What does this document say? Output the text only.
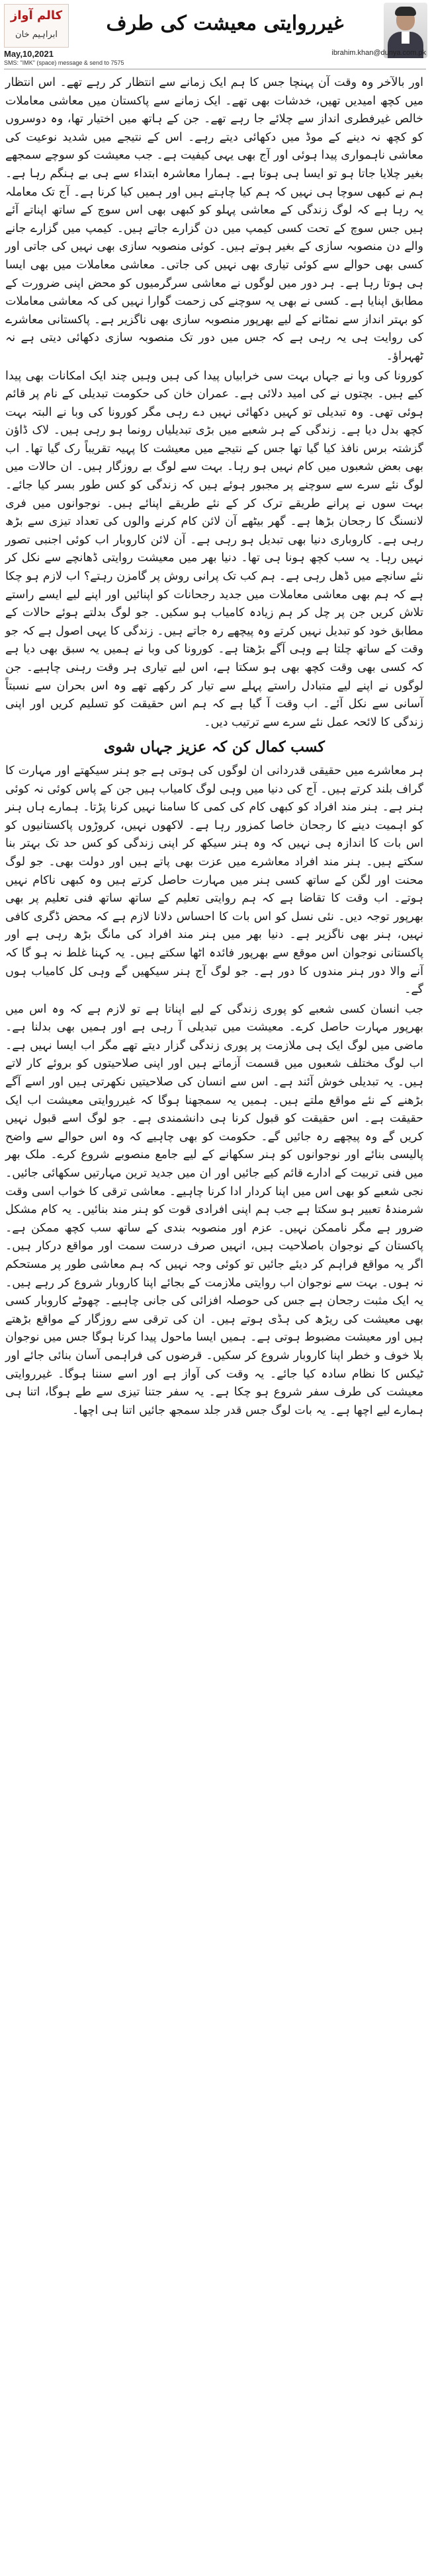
کالم آواز
ابراہیم خان	غیرروایتی معیشت کی طرف
May,10,2021	ibrahim.khan@dunya.com.pk
SMS: "IMK" (space) message & send to 7575

اور بالآخر وہ وقت آن پہنچا جس کا ہم ایک زمانے سے انتظار کر رہے تھے۔ اس انتظار میں کچھ امیدیں تھیں، خدشات بھی تھے۔ ایک زمانے سے پاکستان میں معاشی معاملات خالص غیرفطری انداز سے چلائے جا رہے تھے۔ جن کے ہاتھ میں اختیار تھا، وہ دوسروں کو کچھ نہ دینے کے موڈ میں دکھائی دیتے رہے۔ اس کے نتیجے میں شدید نوعیت کی معاشی ناہمواری پیدا ہوئی اور آج بھی یہی کیفیت ہے۔ جب معیشت کو سوچے سمجھے بغیر چلایا جاتا ہو تو ایسا ہی ہوتا ہے۔ ہمارا معاشرہ ابتداء سے ہی بے ہنگم رہا ہے۔ ہم نے کبھی سوچا ہی نہیں کہ ہم کیا چاہتے ہیں اور ہمیں کیا کرنا ہے۔ آج تک معاملہ یہ رہا ہے کہ لوگ زندگی کے معاشی پہلو کو کبھی بھی اس سوچ کے ساتھ اپناتے آئے ہیں جس سوچ کے تحت کسی کیمپ میں دن گزارے جاتے ہیں۔ کیمپ میں گزارے جانے والے دن منصوبہ سازی کے بغیر ہوتے ہیں۔ کوئی منصوبہ سازی بھی نہیں کی جاتی اور کسی بھی حوالے سے کوئی تیاری بھی نہیں کی جاتی۔ معاشی معاملات میں بھی ایسا ہی ہوتا رہا ہے۔ ہر دور میں لوگوں نے معاشی سرگرمیوں کو محض اپنی ضرورت کے مطابق اپنایا ہے۔ کسی نے بھی یہ سوچنے کی زحمت گوارا نہیں کی کہ معاشی معاملات کو بہتر انداز سے نمٹانے کے لیے بھرپور منصوبہ سازی بھی ناگزیر ہے۔ پاکستانی معاشرے کی روایت ہی یہ رہی ہے کہ جس میں دور تک منصوبہ سازی دکھائی دیتی ہے نہ ٹھہراؤ۔

کورونا کی وبا نے جہاں بہت سی خرابیاں پیدا کی ہیں وہیں چند ایک امکانات بھی پیدا کیے ہیں۔ بچتوں نے کی امید دلائی ہے۔ عمران خان کی حکومت تبدیلی کے نام پر قائم ہوئی تھی۔ وہ تبدیلی تو کہیں دکھائی نہیں دے رہی مگر کورونا کی وبا نے البتہ بہت کچھ بدل دیا ہے۔ زندگی کے ہر شعبے میں بڑی تبدیلیاں رونما ہو رہی ہیں۔ لاک ڈاؤن گزشتہ برس نافذ کیا گیا تھا جس کے نتیجے میں معیشت کا پہیہ تقریباً رک گیا تھا۔ اب بھی بعض شعبوں میں کام نہیں ہو رہا۔ بہت سے لوگ بے روزگار ہیں۔ ان حالات میں لوگ نئے سرے سے سوچنے پر مجبور ہوئے ہیں کہ زندگی کو کس طور بسر کیا جائے۔ بہت سوں نے پرانے طریقے ترک کر کے نئے طریقے اپنائے ہیں۔ نوجوانوں میں فری لانسنگ کا رجحان بڑھا ہے۔ گھر بیٹھے آن لائن کام کرنے والوں کی تعداد تیزی سے بڑھ رہی ہے۔ کاروباری دنیا بھی تبدیل ہو رہی ہے۔ آن لائن کاروبار اب کوئی اجنبی تصور نہیں رہا۔ یہ سب کچھ ہونا ہی تھا۔ دنیا بھر میں معیشت روایتی ڈھانچے سے نکل کر نئے سانچے میں ڈھل رہی ہے۔ ہم کب تک پرانی روش پر گامزن رہتے؟ اب لازم ہو چکا ہے کہ ہم بھی معاشی معاملات میں جدید رجحانات کو اپنائیں اور اپنے لیے ایسے راستے تلاش کریں جن پر چل کر ہم زیادہ کامیاب ہو سکیں۔ جو لوگ بدلتے ہوئے حالات کے مطابق خود کو تبدیل نہیں کرتے وہ پیچھے رہ جاتے ہیں۔ زندگی کا یہی اصول ہے کہ جو وقت کے ساتھ چلتا ہے وہی آگے بڑھتا ہے۔ کورونا کی وبا نے ہمیں یہ سبق بھی دیا ہے کہ کسی بھی وقت کچھ بھی ہو سکتا ہے، اس لیے تیاری ہر وقت رہنی چاہیے۔ جن لوگوں نے اپنے لیے متبادل راستے پہلے سے تیار کر رکھے تھے وہ اس بحران سے نسبتاً آسانی سے نکل آئے۔ اب وقت آ گیا ہے کہ ہم اس حقیقت کو تسلیم کریں اور اپنی زندگی کا لائحہ عمل نئے سرے سے ترتیب دیں۔

کسب کمال کن کہ عزیز جہاں شوی

ہر معاشرے میں حقیقی قدردانی ان لوگوں کی ہوتی ہے جو ہنر سیکھتے اور مہارت کا گراف بلند کرتے ہیں۔ آج کی دنیا میں وہی لوگ کامیاب ہیں جن کے پاس کوئی نہ کوئی ہنر ہے۔ ہنر مند افراد کو کبھی کام کی کمی کا سامنا نہیں کرنا پڑتا۔ ہمارے ہاں ہنر کو اہمیت دینے کا رجحان خاصا کمزور رہا ہے۔ لاکھوں نہیں، کروڑوں پاکستانیوں کو اس بات کا اندازہ ہی نہیں کہ وہ ہنر سیکھ کر اپنی زندگی کو کس حد تک بہتر بنا سکتے ہیں۔ ہنر مند افراد معاشرے میں عزت بھی پاتے ہیں اور دولت بھی۔ جو لوگ محنت اور لگن کے ساتھ کسی ہنر میں مہارت حاصل کرتے ہیں وہ کبھی ناکام نہیں ہوتے۔ اب وقت کا تقاضا ہے کہ ہم روایتی تعلیم کے ساتھ ساتھ فنی تعلیم پر بھی بھرپور توجہ دیں۔ نئی نسل کو اس بات کا احساس دلانا لازم ہے کہ محض ڈگری کافی نہیں، ہنر بھی ناگزیر ہے۔ دنیا بھر میں ہنر مند افراد کی مانگ بڑھ رہی ہے اور پاکستانی نوجوان اس موقع سے بھرپور فائدہ اٹھا سکتے ہیں۔ یہ کہنا غلط نہ ہو گا کہ آنے والا دور ہنر مندوں کا دور ہے۔ جو لوگ آج ہنر سیکھیں گے وہی کل کامیاب ہوں گے۔

جب انسان کسی شعبے کو پوری زندگی کے لیے اپناتا ہے تو لازم ہے کہ وہ اس میں بھرپور مہارت حاصل کرے۔ معیشت میں تبدیلی آ رہی ہے اور ہمیں بھی بدلنا ہے۔ ماضی میں لوگ ایک ہی ملازمت پر پوری زندگی گزار دیتے تھے مگر اب ایسا نہیں ہے۔ اب لوگ مختلف شعبوں میں قسمت آزماتے ہیں اور اپنی صلاحیتوں کو بروئے کار لاتے ہیں۔ یہ تبدیلی خوش آئند ہے۔ اس سے انسان کی صلاحیتیں نکھرتی ہیں اور اسے آگے بڑھنے کے نئے مواقع ملتے ہیں۔ ہمیں یہ سمجھنا ہوگا کہ غیرروایتی معیشت اب ایک حقیقت ہے۔ اس حقیقت کو قبول کرنا ہی دانشمندی ہے۔ جو لوگ اسے قبول نہیں کریں گے وہ پیچھے رہ جائیں گے۔ حکومت کو بھی چاہیے کہ وہ اس حوالے سے واضح پالیسی بنائے اور نوجوانوں کو ہنر سکھانے کے لیے جامع منصوبے شروع کرے۔ ملک بھر میں فنی تربیت کے ادارے قائم کیے جائیں اور ان میں جدید ترین مہارتیں سکھائی جائیں۔ نجی شعبے کو بھی اس میں اپنا کردار ادا کرنا چاہیے۔ معاشی ترقی کا خواب اسی وقت شرمندۂ تعبیر ہو سکتا ہے جب ہم اپنی افرادی قوت کو ہنر مند بنائیں۔ یہ کام مشکل ضرور ہے مگر ناممکن نہیں۔ عزم اور منصوبہ بندی کے ساتھ سب کچھ ممکن ہے۔ پاکستان کے نوجوان باصلاحیت ہیں، انہیں صرف درست سمت اور مواقع درکار ہیں۔ اگر یہ مواقع فراہم کر دیئے جائیں تو کوئی وجہ نہیں کہ ہم معاشی طور پر مستحکم نہ ہوں۔ بہت سے نوجوان اب روایتی ملازمت کے بجائے اپنا کاروبار شروع کر رہے ہیں۔ یہ ایک مثبت رجحان ہے جس کی حوصلہ افزائی کی جانی چاہیے۔ چھوٹے کاروبار کسی بھی معیشت کی ریڑھ کی ہڈی ہوتے ہیں۔ ان کی ترقی سے روزگار کے مواقع بڑھتے ہیں اور معیشت مضبوط ہوتی ہے۔ ہمیں ایسا ماحول پیدا کرنا ہوگا جس میں نوجوان بلا خوف و خطر اپنا کاروبار شروع کر سکیں۔ قرضوں کی فراہمی آسان بنائی جائے اور ٹیکس کا نظام سادہ کیا جائے۔ یہ وقت کی آواز ہے اور اسے سننا ہوگا۔ غیرروایتی معیشت کی طرف سفر شروع ہو چکا ہے۔ یہ سفر جتنا تیزی سے طے ہوگا، اتنا ہی ہمارے لیے اچھا ہے۔ یہ بات لوگ جس قدر جلد سمجھ جائیں اتنا ہی اچھا۔
